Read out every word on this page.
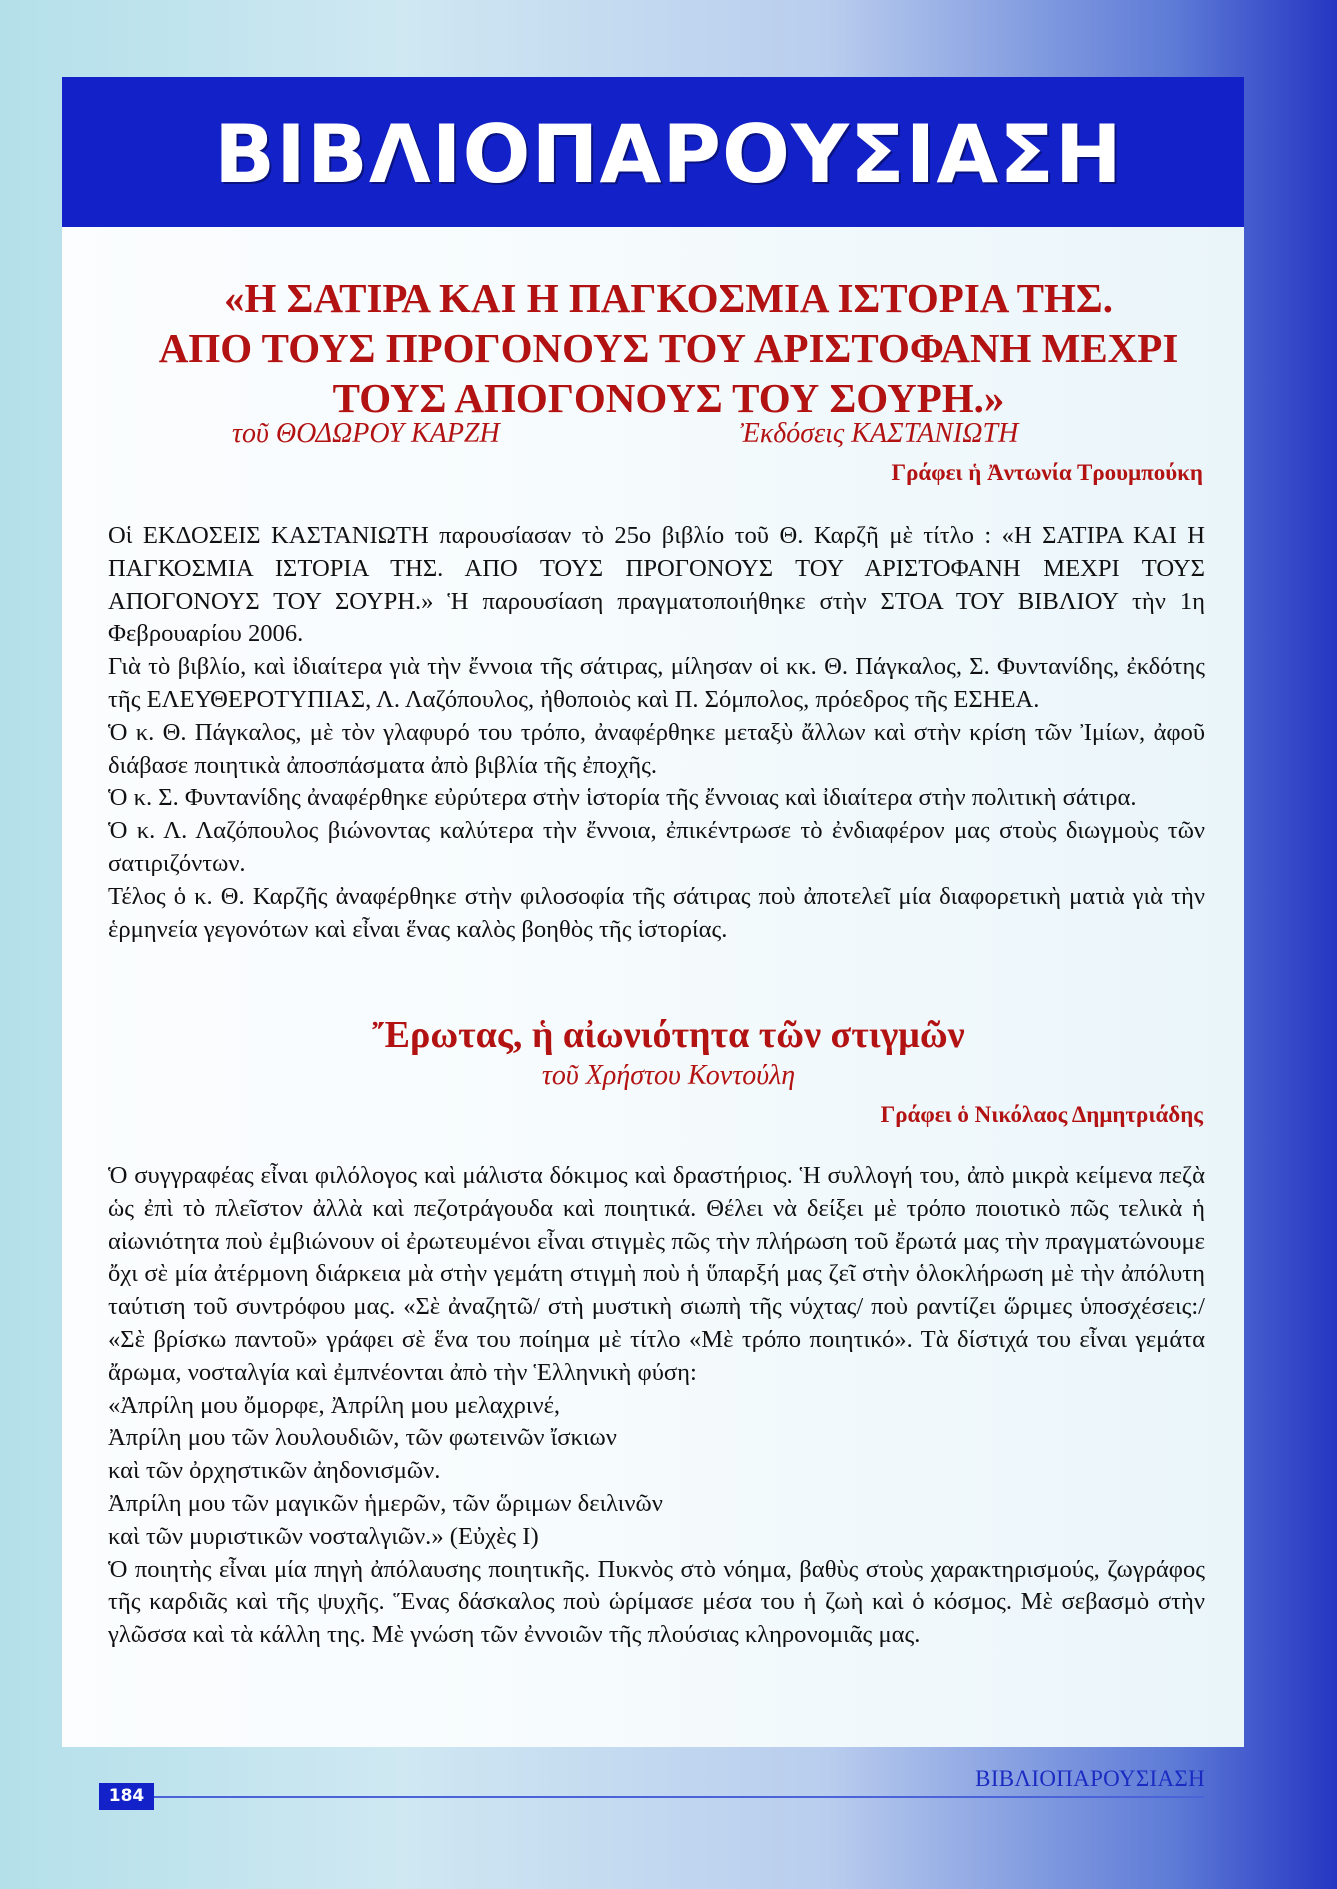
ΒΙΒΛΙΟΠΑΡΟΥΣΙΑΣΗ
«Η ΣΑΤΙΡΑ ΚΑΙ Η ΠΑΓΚΟΣΜΙΑ ΙΣΤΟΡΙΑ ΤΗΣ.
ΑΠΟ ΤΟΥΣ ΠΡΟΓΟΝΟΥΣ ΤΟΥ ΑΡΙΣΤΟΦΑΝΗ ΜΕΧΡΙ
ΤΟΥΣ ΑΠΟΓΟΝΟΥΣ ΤΟΥ ΣΟΥΡΗ.»
τοῦ ΘΟΔΩΡΟΥ ΚΑΡΖΗ	Ἐκδόσεις ΚΑΣΤΑΝΙΩΤΗ
Γράφει ἡ Ἀντωνία Τρουμπούκη

Οἱ ΕΚΔΟΣΕΙΣ ΚΑΣΤΑΝΙΩΤΗ παρουσίασαν τὸ 25ο βιβλίο τοῦ Θ. Καρζῆ μὲ τίτλο : «Η ΣΑΤΙΡΑ ΚΑΙ Η ΠΑΓΚΟΣΜΙΑ ΙΣΤΟΡΙΑ ΤΗΣ. ΑΠΟ ΤΟΥΣ ΠΡΟΓΟΝΟΥΣ ΤΟΥ ΑΡΙΣΤΟΦΑΝΗ ΜΕΧΡΙ ΤΟΥΣ ΑΠΟΓΟΝΟΥΣ ΤΟΥ ΣΟΥΡΗ.» Ἡ παρουσίαση πραγματοποιήθηκε στὴν ΣΤΟΑ ΤΟΥ ΒΙΒΛΙΟΥ τὴν 1η Φεβρουαρίου 2006.

Γιὰ τὸ βιβλίο, καὶ ἰδιαίτερα γιὰ τὴν ἔννοια τῆς σάτιρας, μίλησαν οἱ κκ. Θ. Πάγκαλος, Σ. Φυντανίδης, ἐκδότης τῆς ΕΛΕΥΘΕΡΟΤΥΠΙΑΣ, Λ. Λαζόπουλος, ἠθοποιὸς καὶ Π. Σόμπολος, πρόεδρος τῆς ΕΣΗΕΑ.

Ὁ κ. Θ. Πάγκαλος, μὲ τὸν γλαφυρό του τρόπο, ἀναφέρθηκε μεταξὺ ἄλλων καὶ στὴν κρίση τῶν Ἰμίων, ἀφοῦ διάβασε ποιητικὰ ἀποσπάσματα ἀπὸ βιβλία τῆς ἐποχῆς.

Ὁ κ. Σ. Φυντανίδης ἀναφέρθηκε εὐρύτερα στὴν ἱστορία τῆς ἔννοιας καὶ ἰδιαίτερα στὴν πολιτικὴ σάτιρα.

Ὁ κ. Λ. Λαζόπουλος βιώνοντας καλύτερα τὴν ἔννοια, ἐπικέντρωσε τὸ ἐνδιαφέρον μας στοὺς διωγμοὺς τῶν σατιριζόντων.

Τέλος ὁ κ. Θ. Καρζῆς ἀναφέρθηκε στὴν φιλοσοφία τῆς σάτιρας ποὺ ἀποτελεῖ μία διαφορετικὴ ματιὰ γιὰ τὴν ἑρμηνεία γεγονότων καὶ εἶναι ἕνας καλὸς βοηθὸς τῆς ἱστορίας.

Ἔρωτας, ἡ αἰωνιότητα τῶν στιγμῶν
τοῦ Χρήστου Κοντούλη
Γράφει ὁ Νικόλαος Δημητριάδης

Ὁ συγγραφέας εἶναι φιλόλογος καὶ μάλιστα δόκιμος καὶ δραστήριος. Ἡ συλλογή του, ἀπὸ μικρὰ κείμενα πεζὰ ὡς ἐπὶ τὸ πλεῖστον ἀλλὰ καὶ πεζοτράγουδα καὶ ποιητικά. Θέλει νὰ δείξει μὲ τρόπο ποιοτικὸ πῶς τελικὰ ἡ αἰωνιότητα ποὺ ἐμβιώνουν οἱ ἐρωτευμένοι εἶναι στιγμὲς πῶς τὴν πλήρωση τοῦ ἔρωτά μας τὴν πραγματώνουμε ὄχι σὲ μία ἀτέρμονη διάρκεια μὰ στὴν γεμάτη στιγμὴ ποὺ ἡ ὕπαρξή μας ζεῖ στὴν ὁλοκλήρωση μὲ τὴν ἀπόλυτη ταύτιση τοῦ συντρόφου μας. «Σὲ ἀναζητῶ/ στὴ μυστικὴ σιωπὴ τῆς νύχτας/ ποὺ ραντίζει ὥριμες ὑποσχέσεις:/ «Σὲ βρίσκω παντοῦ» γράφει σὲ ἕνα του ποίημα μὲ τίτλο «Μὲ τρόπο ποιητικό». Τὰ δίστιχά του εἶναι γεμάτα ἄρωμα, νοσταλγία καὶ ἐμπνέονται ἀπὸ τὴν Ἑλληνικὴ φύση:

«Ἀπρίλη μου ὄμορφε, Ἀπρίλη μου μελαχρινέ,

Ἀπρίλη μου τῶν λουλουδιῶν, τῶν φωτεινῶν ἴσκιων

καὶ τῶν ὀρχηστικῶν ἀηδονισμῶν.

Ἀπρίλη μου τῶν μαγικῶν ἡμερῶν, τῶν ὥριμων δειλινῶν

καὶ τῶν μυριστικῶν νοσταλγιῶν.» (Εὐχὲς Ι)

Ὁ ποιητὴς εἶναι μία πηγὴ ἀπόλαυσης ποιητικῆς. Πυκνὸς στὸ νόημα, βαθὺς στοὺς χαρακτηρισμούς, ζωγράφος τῆς καρδιᾶς καὶ τῆς ψυχῆς. Ἕνας δάσκαλος ποὺ ὡρίμασε μέσα του ἡ ζωὴ καὶ ὁ κόσμος. Μὲ σεβασμὸ στὴν γλῶσσα καὶ τὰ κάλλη της. Μὲ γνώση τῶν ἐννοιῶν τῆς πλούσιας κληρονομιᾶς μας.

184
ΒΙΒΛΙΟΠΑΡΟΥΣΙΑΣΗ
